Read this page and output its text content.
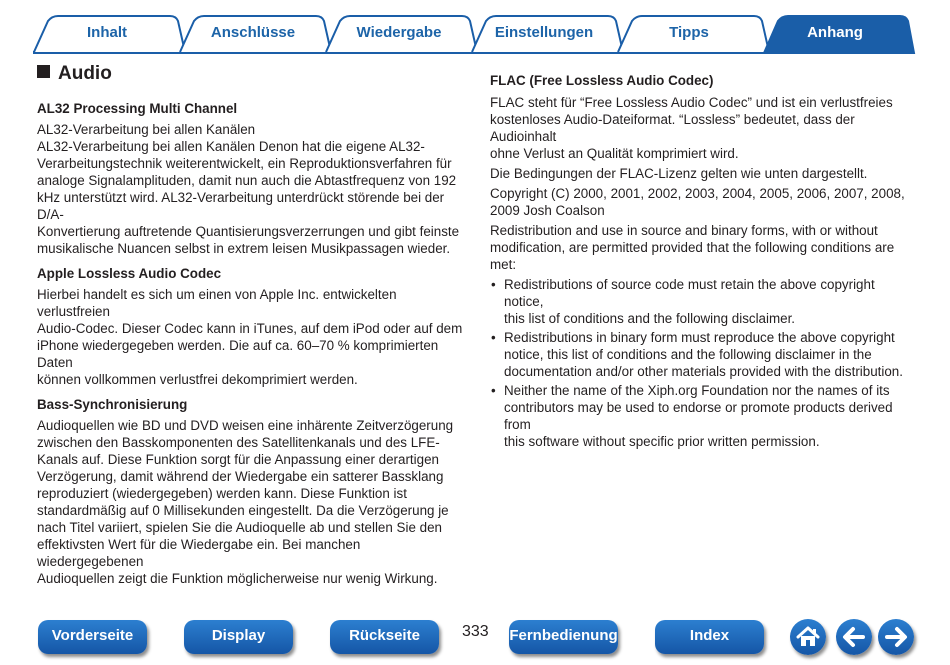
Inhalt	Anschlüsse	Wiedergabe	Einstellungen	Tipps	Anhang
Audio
AL32 Processing Multi Channel

AL32-Verarbeitung bei allen Kanälen
AL32-Verarbeitung bei allen Kanälen Denon hat die eigene AL32-
Verarbeitungstechnik weiterentwickelt, ein Reproduktionsverfahren für
analoge Signalamplituden, damit nun auch die Abtastfrequenz von 192
kHz unterstützt wird. AL32-Verarbeitung unterdrückt störende bei der D/A-
Konvertierung auftretende Quantisierungsverzerrungen und gibt feinste
musikalische Nuancen selbst in extrem leisen Musikpassagen wieder.

Apple Lossless Audio Codec

Hierbei handelt es sich um einen von Apple Inc. entwickelten verlustfreien
Audio-Codec. Dieser Codec kann in iTunes, auf dem iPod oder auf dem
iPhone wiedergegeben werden. Die auf ca. 60–70 % komprimierten Daten
können vollkommen verlustfrei dekomprimiert werden.

Bass-Synchronisierung

Audioquellen wie BD und DVD weisen eine inhärente Zeitverzögerung
zwischen den Basskomponenten des Satellitenkanals und des LFE-
Kanals auf. Diese Funktion sorgt für die Anpassung einer derartigen
Verzögerung, damit während der Wiedergabe ein satterer Bassklang
reproduziert (wiedergegeben) werden kann. Diese Funktion ist
standardmäßig auf 0 Millisekunden eingestellt. Da die Verzögerung je
nach Titel variiert, spielen Sie die Audioquelle ab und stellen Sie den
effektivsten Wert für die Wiedergabe ein. Bei manchen wiedergegebenen
Audioquellen zeigt die Funktion möglicherweise nur wenig Wirkung.

FLAC (Free Lossless Audio Codec)

FLAC steht für “Free Lossless Audio Codec” und ist ein verlustfreies
kostenloses Audio-Dateiformat. “Lossless” bedeutet, dass der Audioinhalt
ohne Verlust an Qualität komprimiert wird.

Die Bedingungen der FLAC-Lizenz gelten wie unten dargestellt.

Copyright (C) 2000, 2001, 2002, 2003, 2004, 2005, 2006, 2007, 2008,
2009 Josh Coalson

Redistribution and use in source and binary forms, with or without
modification, are permitted provided that the following conditions are met:

• Redistributions of source code must retain the above copyright notice,
this list of conditions and the following disclaimer.
• Redistributions in binary form must reproduce the above copyright
notice, this list of conditions and the following disclaimer in the
documentation and/or other materials provided with the distribution.
• Neither the name of the Xiph.org Foundation nor the names of its
contributors may be used to endorse or promote products derived from
this software without specific prior written permission.
Vorderseite	Display	Rückseite	333 Fernbedienung	Index
